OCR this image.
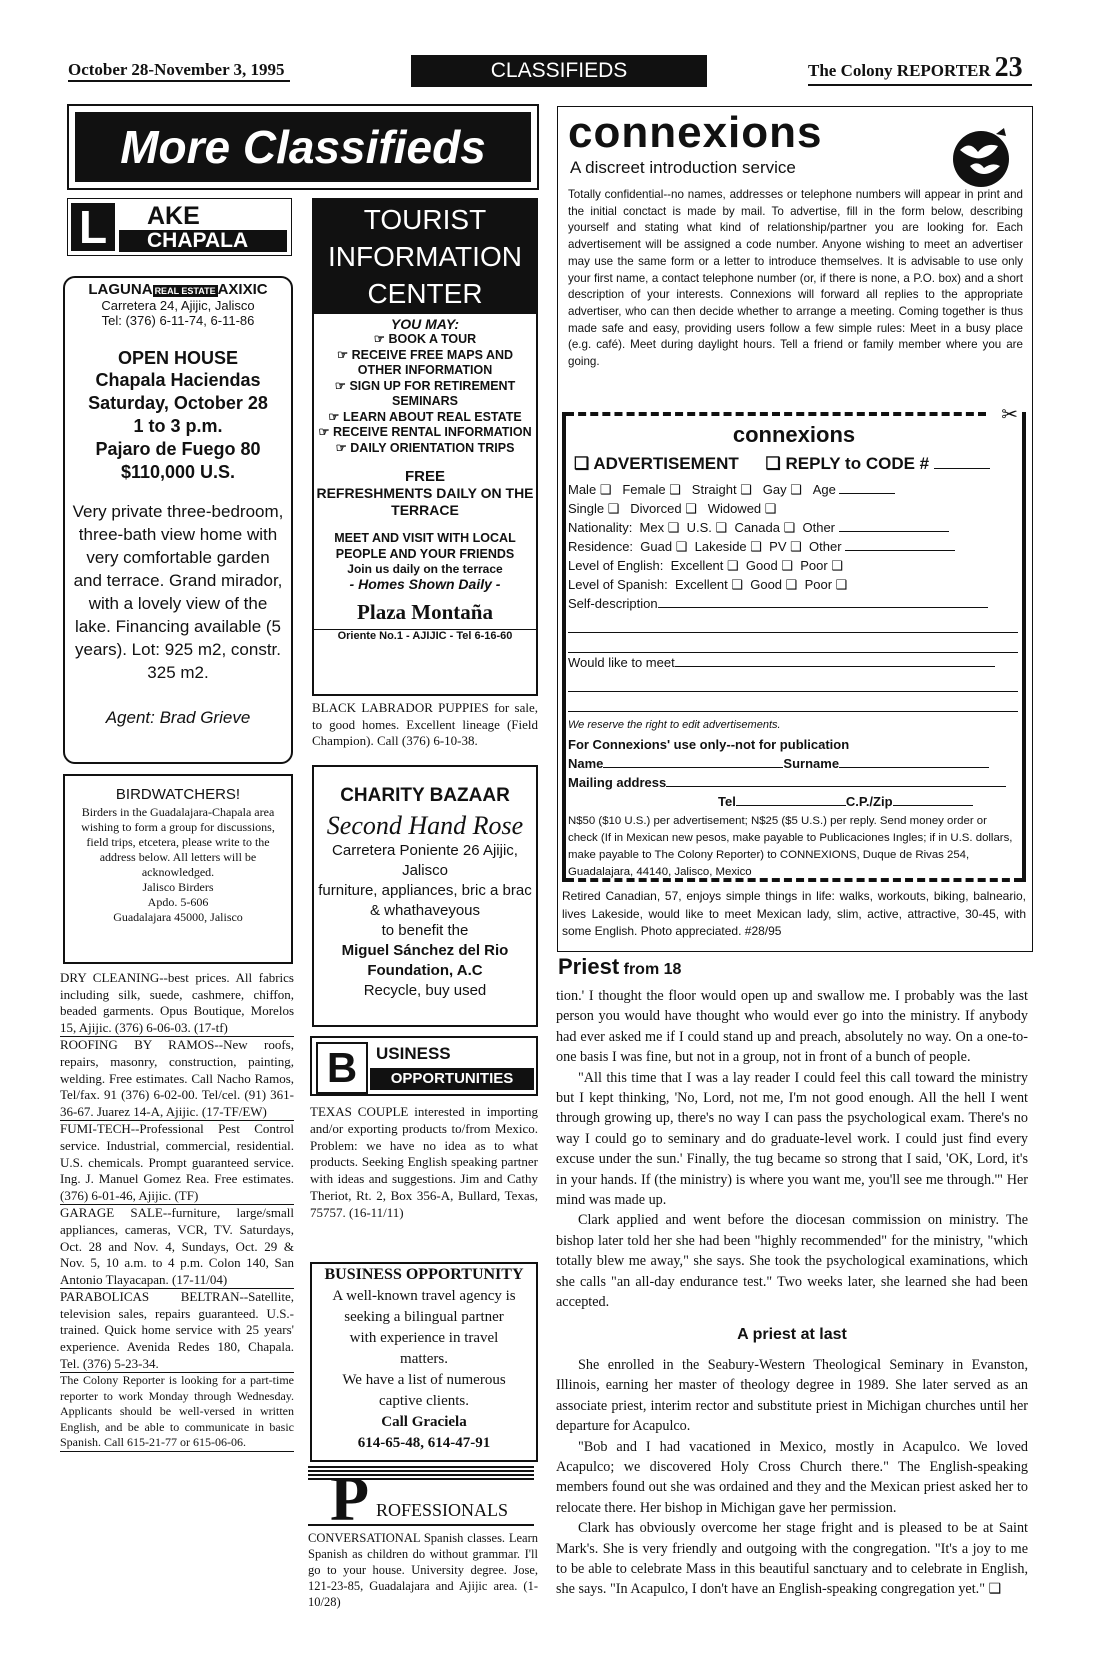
October 28-November 3, 1995	CLASSIFIEDS	The Colony REPORTER 23
More Classifieds
L	AKE
CHAPALA
LAGUNA REAL ESTATE AXIXIC
Carretera 24, Ajijic, Jalisco
Tel: (376) 6-11-74, 6-11-86
OPEN HOUSE
Chapala Haciendas
Saturday, October 28
1 to 3 p.m.
Pajaro de Fuego 80
$110,000 U.S.
Very private three-bedroom, three-bath view home with very comfortable garden and terrace. Grand mirador, with a lovely view of the lake. Financing available (5 years). Lot: 925 m2, constr. 325 m2.
Agent: Brad Grieve
BIRDWATCHERS!
Birders in the Guadalajara-Chapala area wishing to form a group for discussions, field trips, etcetera, please write to the address below. All letters will be acknowledged.
Jalisco Birders
Apdo. 5-606
Guadalajara 45000, Jalisco

DRY CLEANING--best prices. All fabrics including silk, suede, cashmere, chiffon, beaded garments. Opus Boutique, Morelos 15, Ajijic. (376) 6-06-03. (17-tf)

ROOFING BY RAMOS--New roofs, repairs, masonry, construction, painting, welding. Free estimates. Call Nacho Ramos, Tel/fax. 91 (376) 6-02-00. Tel/cel. (91) 361-36-67. Juarez 14-A, Ajijic. (17-TF/EW)

FUMI-TECH--Professional Pest Control service. Industrial, commercial, residential. U.S. chemicals. Prompt guaranteed service. Ing. J. Manuel Gomez Rea. Free estimates. (376) 6-01-46, Ajijic. (TF)

GARAGE SALE--furniture, large/small appliances, cameras, VCR, TV. Saturdays, Oct. 28 and Nov. 4, Sundays, Oct. 29 & Nov. 5, 10 a.m. to 4 p.m. Colon 140, San Antonio Tlayacapan. (17-11/04)

PARABOLICAS BELTRAN--Satellite, television sales, repairs guaranteed. U.S.-trained. Quick home service with 25 years' experience. Avenida Redes 180, Chapala. Tel. (376) 5-23-34.

The Colony Reporter is looking for a part-time reporter to work Monday through Wednesday. Applicants should be well-versed in written English, and be able to communicate in basic Spanish. Call 615-21-77 or 615-06-06.

TOURIST INFORMATION CENTER
YOU MAY:
☞ BOOK A TOUR
☞ RECEIVE FREE MAPS AND OTHER INFORMATION
☞ SIGN UP FOR RETIREMENT SEMINARS
☞ LEARN ABOUT REAL ESTATE
☞ RECEIVE RENTAL INFORMATION
☞ DAILY ORIENTATION TRIPS
FREE
REFRESHMENTS DAILY ON THE TERRACE
MEET AND VISIT WITH LOCAL PEOPLE AND YOUR FRIENDS
Join us daily on the terrace
- Homes Shown Daily -
Plaza Montaña
Oriente No.1 - AJIJIC - Tel 6-16-60
BLACK LABRADOR PUPPIES for sale, to good homes. Excellent lineage (Field Champion). Call (376) 6-10-38.
CHARITY BAZAAR
Second Hand Rose
Carretera Poniente 26 Ajijic, Jalisco
furniture, appliances, bric a brac & whathaveyous
to benefit the
Miguel Sánchez del Rio Foundation, A.C
Recycle, buy used
B	USINESS
OPPORTUNITIES
TEXAS COUPLE interested in importing and/or exporting products to/from Mexico. Problem: we have no idea as to what products. Seeking English speaking partner with ideas and suggestions. Jim and Cathy Theriot, Rt. 2, Box 356-A, Bullard, Texas, 75757. (16-11/11)
BUSINESS OPPORTUNITY
A well-known travel agency is seeking a bilingual partner with experience in travel matters.
We have a list of numerous captive clients.
Call Graciela
614-65-48, 614-47-91
P ROFESSIONALS
CONVERSATIONAL Spanish classes. Learn Spanish as children do without grammar. I'll go to your house. University degree. Jose, 121-23-85, Guadalajara and Ajijic area. (1-10/28)
connexions
A discreet introduction service
Totally confidential--no names, addresses or telephone numbers will appear in print and the initial conctact is made by mail. To advertise, fill in the form below, describing yourself and stating what kind of relationship/partner you are looking for. Each advertisement will be assigned a code number. Anyone wishing to meet an advertiser may use the same form or a letter to introduce themselves. It is advisable to use only your first name, a contact telephone number (or, if there is none, a P.O. box) and a short description of your interests. Connexions will forward all replies to the appropriate advertiser, who can then decide whether to arrange a meeting. Coming together is thus made safe and easy, providing users follow a few simple rules: Meet in a busy place (e.g. café). Meet during daylight hours. Tell a friend or family member where you are going.
✂
connexions
❑ ADVERTISEMENT ❑ REPLY to CODE #
Male ❑ Female ❑ Straight ❑ Gay ❑ Age
Single ❑ Divorced ❑ Widowed ❑
Nationality: Mex ❑ U.S. ❑ Canada ❑ Other
Residence: Guad ❑ Lakeside ❑ PV ❑ Other
Level of English: Excellent ❑ Good ❑ Poor ❑
Level of Spanish: Excellent ❑ Good ❑ Poor ❑
Self-description
Would like to meet
We reserve the right to edit advertisements.
For Connexions' use only--not for publication
Name	Surname
Mailing address
Tel	C.P./Zip
N$50 ($10 U.S.) per advertisement; N$25 ($5 U.S.) per reply. Send money order or check (If in Mexican new pesos, make payable to Publicaciones Ingles; if in U.S. dollars, make payable to The Colony Reporter) to CONNEXIONS, Duque de Rivas 254, Guadalajara, 44140, Jalisco, Mexico
Retired Canadian, 57, enjoys simple things in life: walks, workouts, biking, balneario, lives Lakeside, would like to meet Mexican lady, slim, active, attractive, 30-45, with some English. Photo appreciated. #28/95
Priest from 18

tion.' I thought the floor would open up and swallow me. I probably was the last person you would have thought who would ever go into the ministry. If anybody had ever asked me if I could stand up and preach, absolutely no way. On a one-to-one basis I was fine, but not in a group, not in front of a bunch of people.

"All this time that I was a lay reader I could feel this call toward the ministry but I kept thinking, 'No, Lord, not me, I'm not good enough. All the hell I went through growing up, there's no way I can pass the psychological exam. There's no way I could go to seminary and do graduate-level work. I could just find every excuse under the sun.' Finally, the tug became so strong that I said, 'OK, Lord, it's in your hands. If (the ministry) is where you want me, you'll see me through.'" Her mind was made up.

Clark applied and went before the diocesan commission on ministry. The bishop later told her she had been "highly recommended" for the ministry, "which totally blew me away," she says. She took the psychological examinations, which she calls "an all-day endurance test." Two weeks later, she learned she had been accepted.

A priest at last

She enrolled in the Seabury-Western Theological Seminary in Evanston, Illinois, earning her master of theology degree in 1989. She later served as an associate priest, interim rector and substitute priest in Michigan churches until her departure for Acapulco.

"Bob and I had vacationed in Mexico, mostly in Acapulco. We loved Acapulco; we discovered Holy Cross Church there." The English-speaking members found out she was ordained and they and the Mexican priest asked her to relocate there. Her bishop in Michigan gave her permission.

Clark has obviously overcome her stage fright and is pleased to be at Saint Mark's. She is very friendly and outgoing with the congregation. "It's a joy to me to be able to celebrate Mass in this beautiful sanctuary and to celebrate in English, she says. "In Acapulco, I don't have an English-speaking congregation yet." ❑
